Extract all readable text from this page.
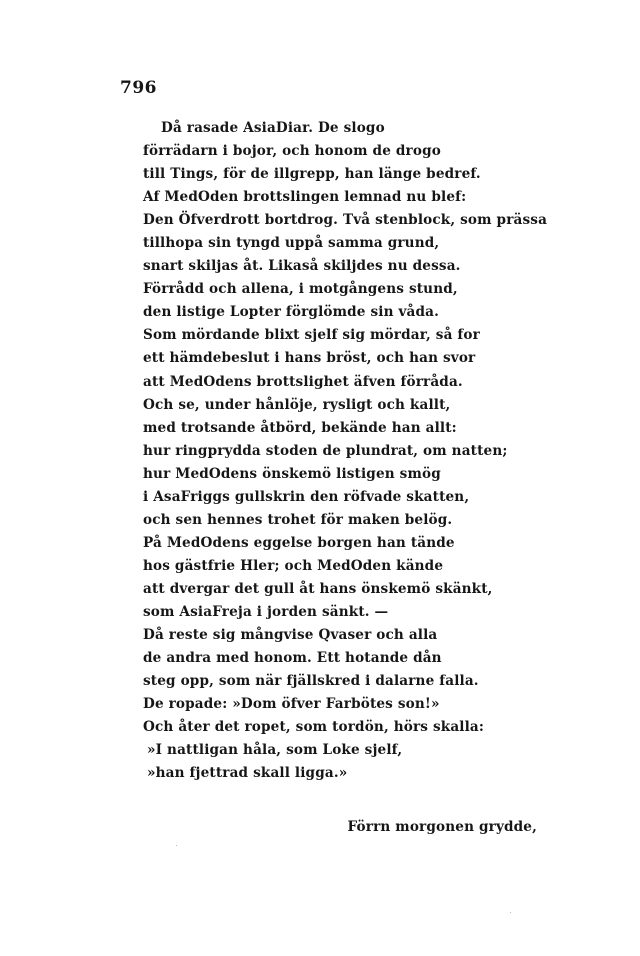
796
Då rasade AsiaDiar. De slogo
förrädarn i bojor, och honom de drogo
till Tings, för de illgrepp, han länge bedref.
Af MedOden brottslingen lemnad nu blef:
Den Öfverdrott bortdrog. Två stenblock, som prässa
tillhopa sin tyngd uppå samma grund,
snart skiljas åt. Likaså skiljdes nu dessa.
Förrådd och allena, i motgångens stund,
den listige Lopter förglömde sin våda.
Som mördande blixt sjelf sig mördar, så for
ett hämdebeslut i hans bröst, och han svor
att MedOdens brottslighet äfven förråda.
Och se, under hånlöje, rysligt och kallt,
med trotsande åtbörd, bekände han allt:
hur ringprydda stoden de plundrat, om natten;
hur MedOdens önskemö listigen smög
i AsaFriggs gullskrin den röfvade skatten,
och sen hennes trohet för maken belög.
På MedOdens eggelse borgen han tände
hos gästfrie Hler; och MedOden kände
att dvergar det gull åt hans önskemö skänkt,
som AsiaFreja i jorden sänkt. —
Då reste sig mångvise Qvaser och alla
de andra med honom. Ett hotande dån
steg opp, som när fjällskred i dalarne falla.
De ropade: »Dom öfver Farbötes son!»
Och åter det ropet, som tordön, hörs skalla:
»I nattligan håla, som Loke sjelf,
»han fjettrad skall ligga.»
Förrn morgonen grydde,
